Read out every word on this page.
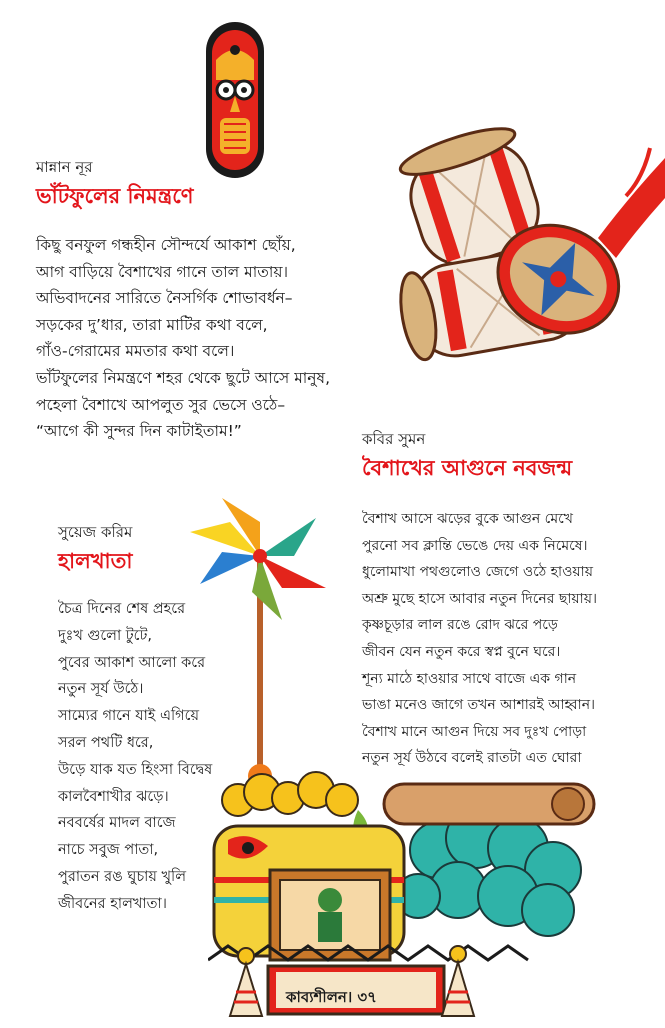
মান্নান নূর
ভাঁটফুলের নিমন্ত্রণে
কিছু বনফুল গন্ধহীন সৌন্দর্যে আকাশ ছোঁয়,
আগ বাড়িয়ে বৈশাখের গানে তাল মাতায়।
অভিবাদনের সারিতে নৈসর্গিক শোভাবর্ধন–
সড়কের দু’ধার, তারা মাটির কথা বলে,
গাঁও-গেরামের মমতার কথা বলে।
ভাঁটফুলের নিমন্ত্রণে শহর থেকে ছুটে আসে মানুষ,
পহেলা বৈশাখে আপলুত সুর ভেসে ওঠে–
“আগে কী সুন্দর দিন কাটাইতাম!”	কবির সুমন
বৈশাখের আগুনে নবজন্ম
বৈশাখ আসে ঝড়ের বুকে আগুন মেখে
পুরনো সব ক্লান্তি ভেঙে দেয় এক নিমেষে।
ধুলোমাখা পথগুলোও জেগে ওঠে হাওয়ায়
অশ্রু মুছে হাসে আবার নতুন দিনের ছায়ায়।
কৃষ্ণচূড়ার লাল রঙে রোদ ঝরে পড়ে
জীবন যেন নতুন করে স্বপ্ন বুনে ঘরে।
শূন্য মাঠে হাওয়ার সাথে বাজে এক গান
ভাঙা মনেও জাগে তখন আশারই আহ্বান।
বৈশাখ মানে আগুন দিয়ে সব দুঃখ পোড়া
নতুন সূর্য উঠবে বলেই রাতটা এত ঘোরা
সুয়েজ করিম
হালখাতা
চৈত্র দিনের শেষ প্রহরে
দুঃখ গুলো টুটে,
পুবের আকাশ আলো করে
নতুন সূর্য উঠে।
সাম্যের গানে যাই এগিয়ে
সরল পথটি ধরে,
উড়ে যাক যত হিংসা বিদ্বেষ
কালবৈশাখীর ঝড়ে।
নববর্ষের মাদল বাজে
নাচে সবুজ পাতা,
পুরাতন রঙ ঘুচায় খুলি
জীবনের হালখাতা।
কাব্যশীলন। ৩৭
